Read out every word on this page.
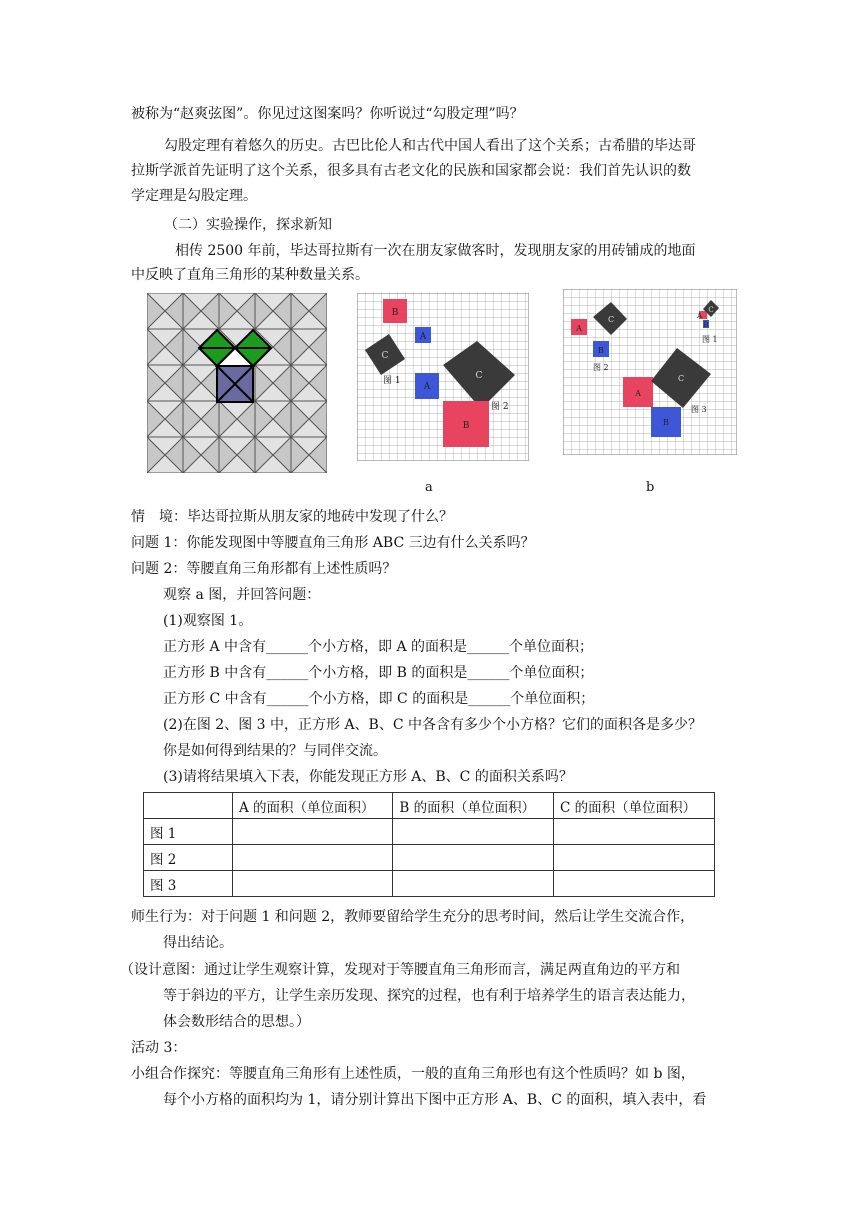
被称为“赵爽弦图”。你见过这图案吗？你听说过“勾股定理”吗？
勾股定理有着悠久的历史。古巴比伦人和古代中国人看出了这个关系；古希腊的毕达哥
拉斯学派首先证明了这个关系，很多具有古老文化的民族和国家都会说：我们首先认识的数
学定理是勾股定理。
（二）实验操作，探求新知
相传 2500 年前，毕达哥拉斯有一次在朋友家做客时，发现朋友家的用砖铺成的地面
中反映了直角三角形的某种数量关系。
B
A
C
A
C
B
图 1
图 2
A
C
B
A
C
B
图 1
图 2
A
C
B
图 3
a	b
情　境：毕达哥拉斯从朋友家的地砖中发现了什么？
问题 1：你能发现图中等腰直角三角形 ABC 三边有什么关系吗？
问题 2：等腰直角三角形都有上述性质吗？
观察 a 图，并回答问题：
(1)观察图 1。
正方形 A 中含有______个小方格，即 A 的面积是______个单位面积；
正方形 B 中含有______个小方格，即 B 的面积是______个单位面积；
正方形 C 中含有______个小方格，即 C 的面积是______个单位面积；
(2)在图 2、图 3 中，正方形 A、B、C 中各含有多少个小方格？它们的面积各是多少？
你是如何得到结果的？与同伴交流。
(3)请将结果填入下表，你能发现正方形 A、B、C 的面积关系吗？
	A 的面积（单位面积）	B 的面积（单位面积）	C 的面积（单位面积）
图 1			
图 2			
图 3			
师生行为：对于问题 1 和问题 2，教师要留给学生充分的思考时间，然后让学生交流合作，
得出结论。
（设计意图：通过让学生观察计算，发现对于等腰直角三角形而言，满足两直角边的平方和
等于斜边的平方，让学生亲历发现、探究的过程，也有利于培养学生的语言表达能力，
体会数形结合的思想。）
活动 3：
小组合作探究：等腰直角三角形有上述性质，一般的直角三角形也有这个性质吗？如 b 图，
每个小方格的面积均为 1，请分别计算出下图中正方形 A、B、C 的面积，填入表中，看
